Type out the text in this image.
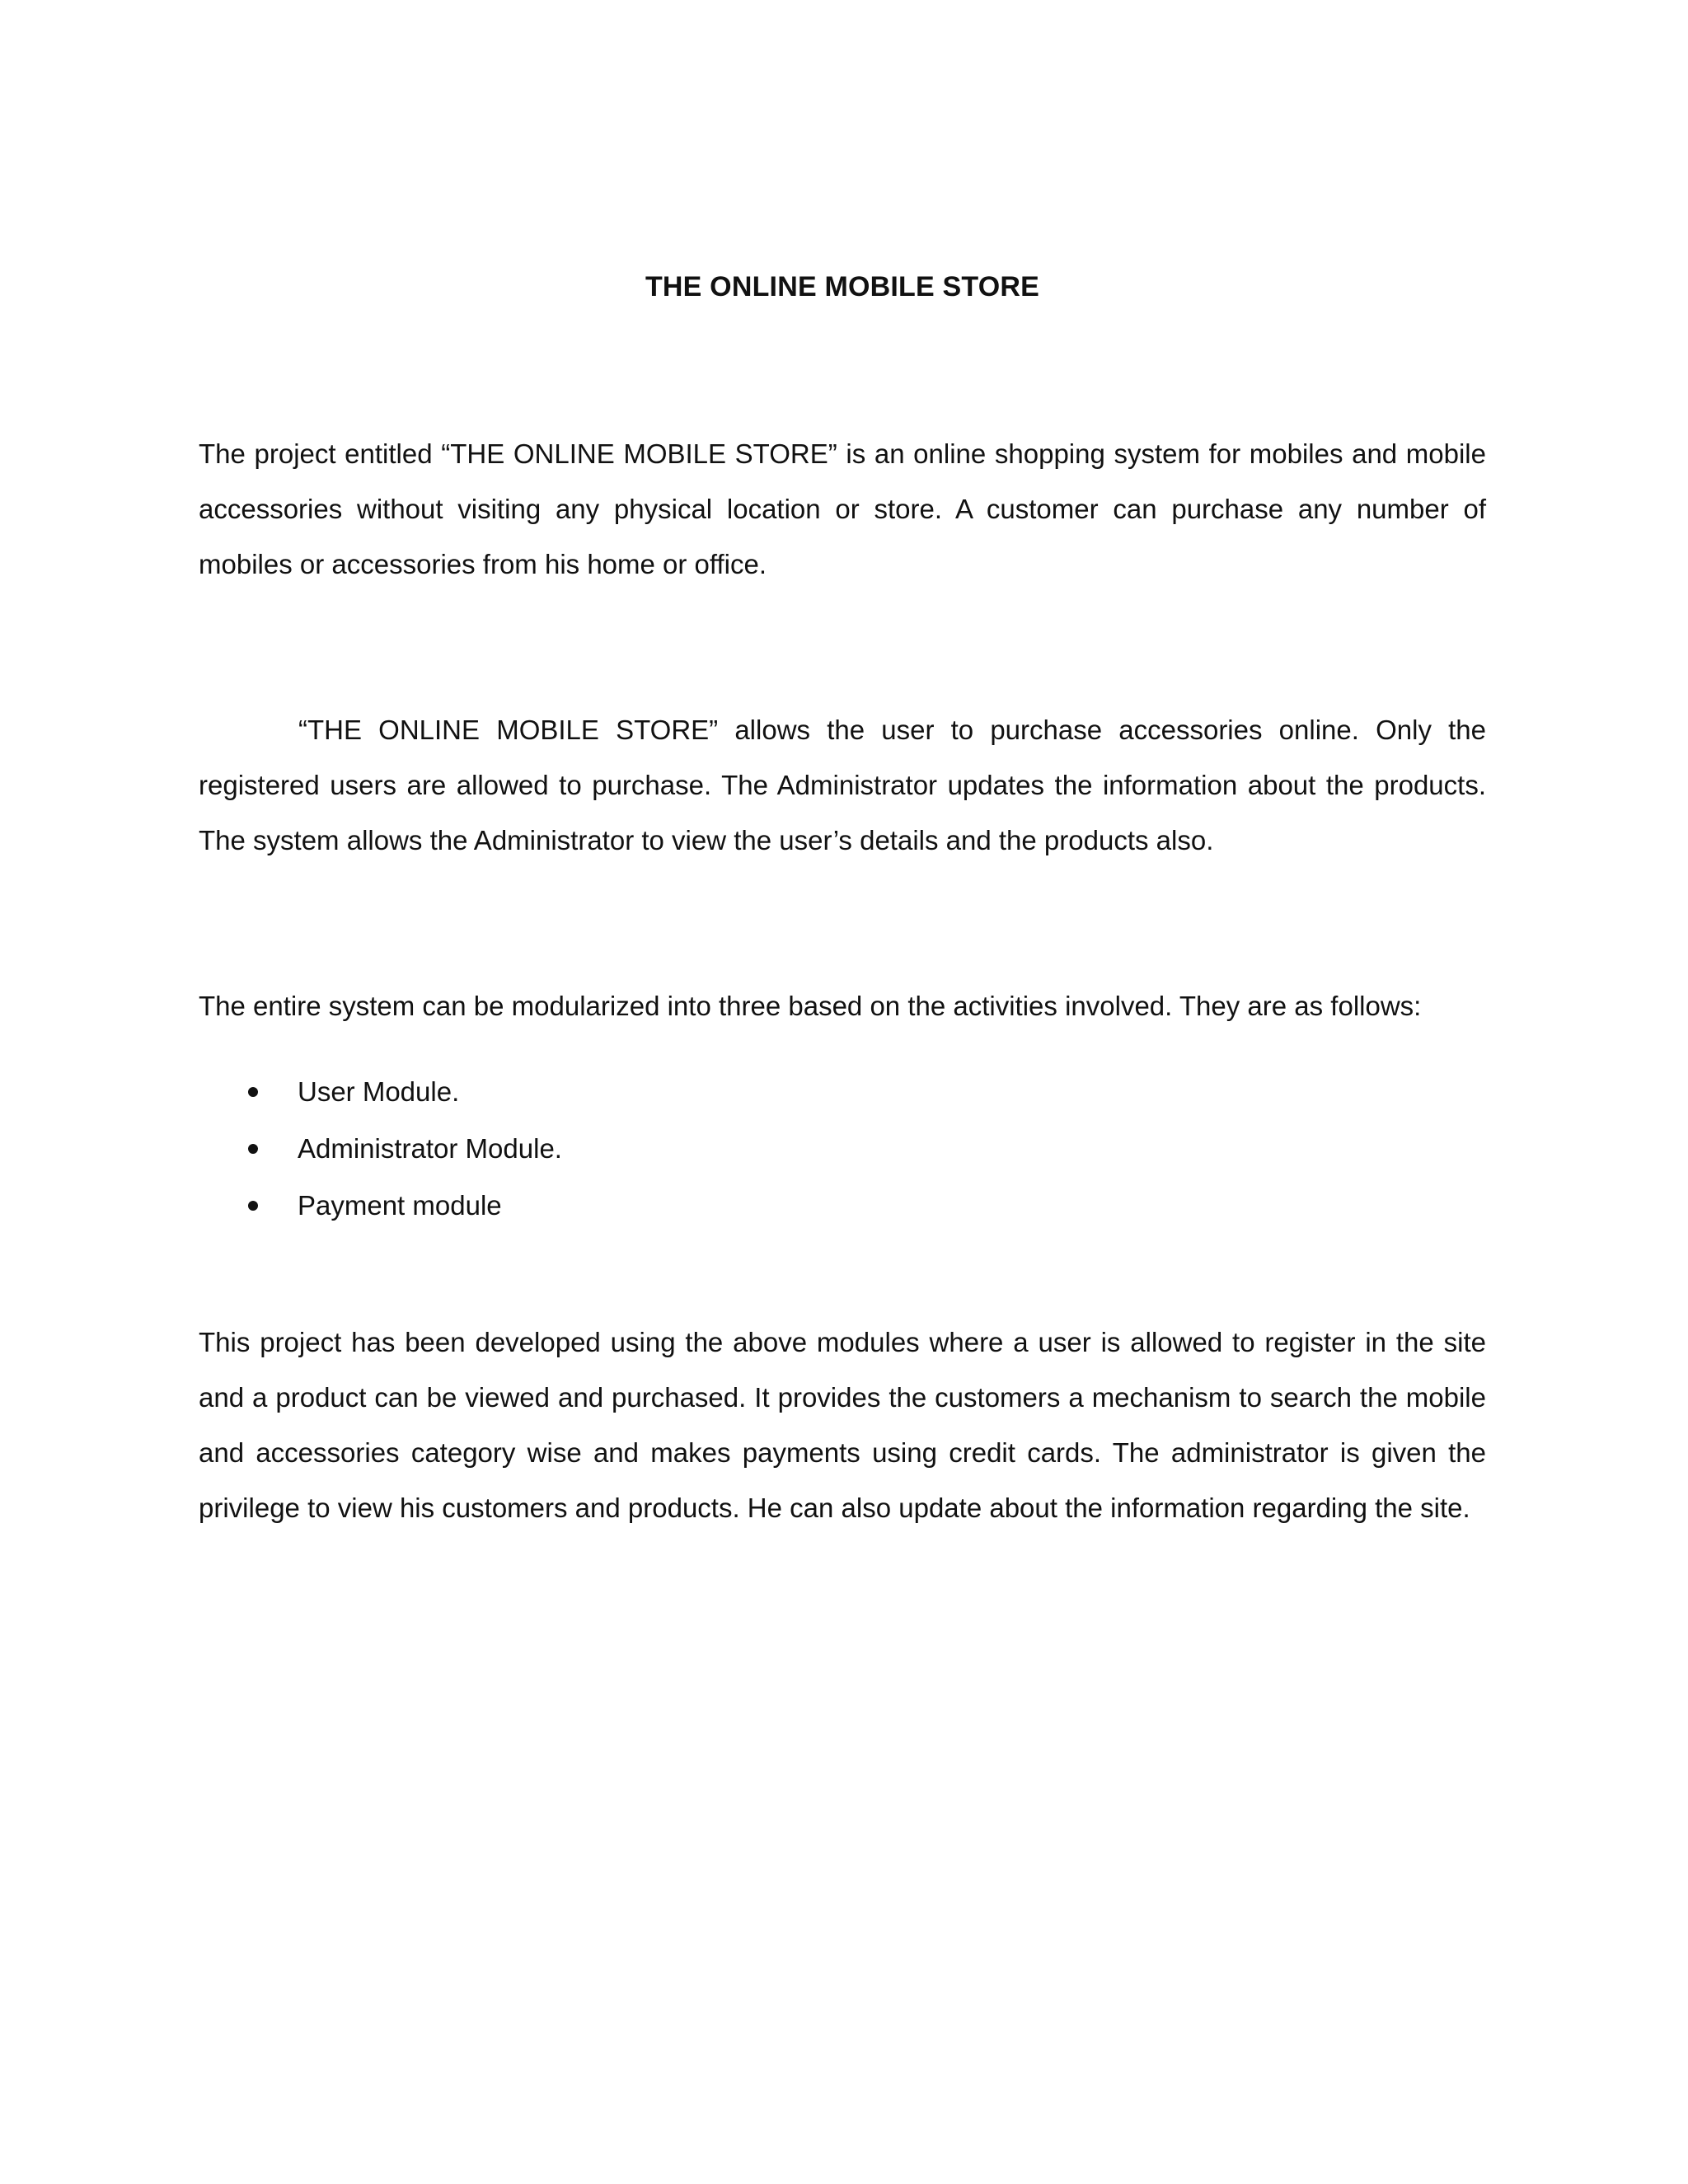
THE ONLINE MOBILE STORE

The project entitled “THE ONLINE MOBILE STORE” is an online shopping system for mobiles and mobile accessories without visiting any physical location or store. A customer can purchase any number of mobiles or accessories from his home or office.

“THE ONLINE MOBILE STORE” allows the user to purchase accessories online. Only the registered users are allowed to purchase. The Administrator updates the information about the products. The system allows the Administrator to view the user’s details and the products also.

The entire system can be modularized into three based on the activities involved. They are as follows:

User Module.
Administrator Module.
Payment module

This project has been developed using the above modules where a user is allowed to register in the site and a product can be viewed and purchased. It provides the customers a mechanism to search the mobile and accessories category wise and makes payments using credit cards. The administrator is given the privilege to view his customers and products. He can also update about the information regarding the site.
